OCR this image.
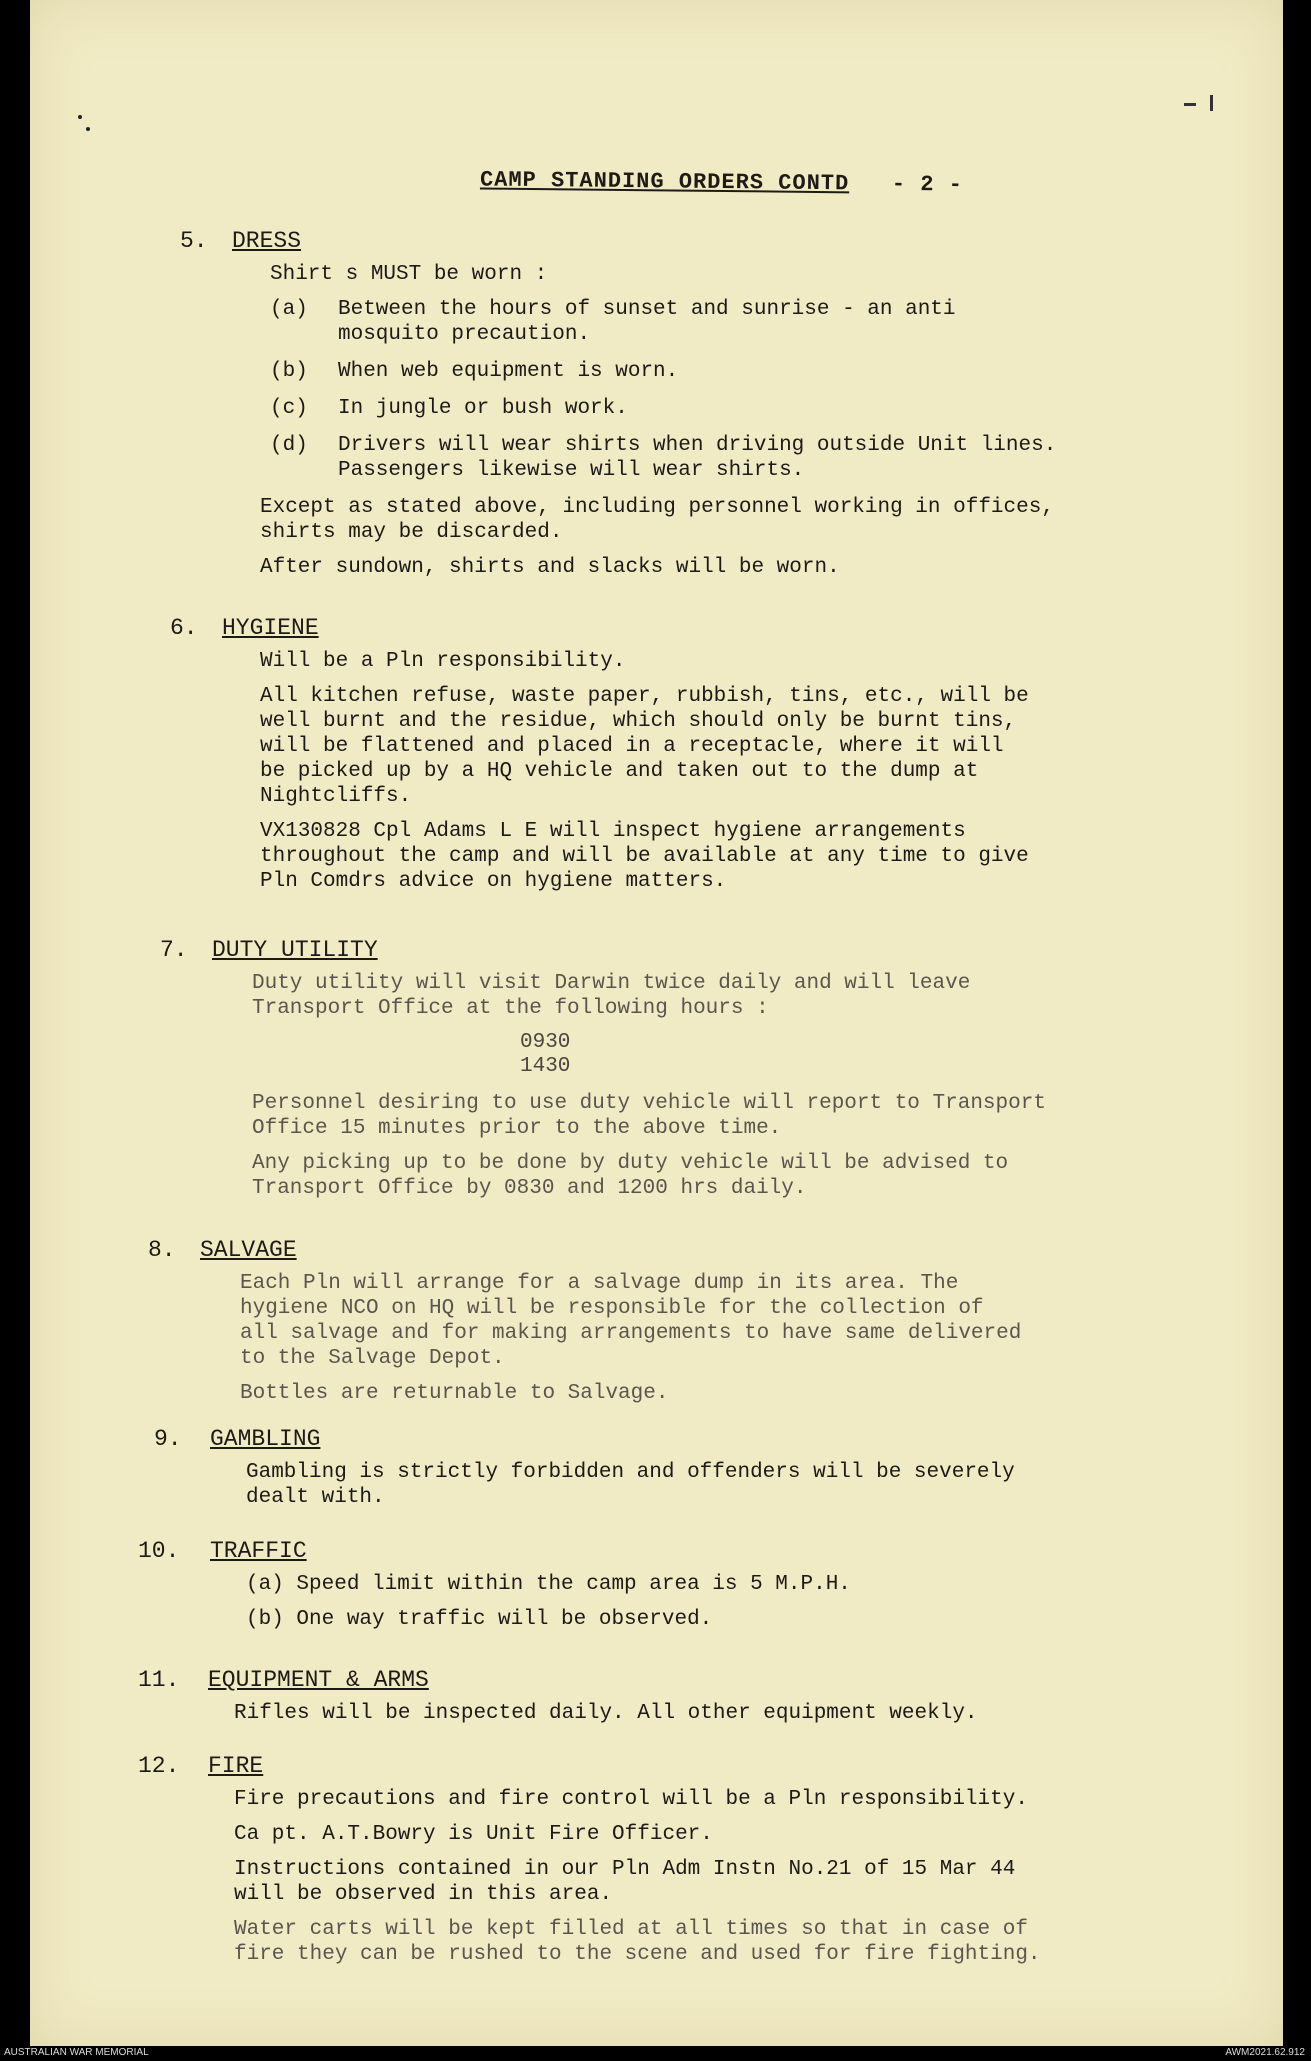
CAMP STANDING ORDERS CONTD - 2 -
5. DRESS
Shirt s MUST be worn :
(a) Between the hours of sunset and sunrise - an anti
mosquito precaution.
(b) When web equipment is worn.
(c) In jungle or bush work.
(d) Drivers will wear shirts when driving outside Unit lines.
Passengers likewise will wear shirts.
Except as stated above, including personnel working in offices,
shirts may be discarded.
After sundown, shirts and slacks will be worn.
6. HYGIENE
Will be a Pln responsibility.
All kitchen refuse, waste paper, rubbish, tins, etc., will be
well burnt and the residue, which should only be burnt tins,
will be flattened and placed in a receptacle, where it will
be picked up by a HQ vehicle and taken out to the dump at
Nightcliffs.
VX130828 Cpl Adams L E will inspect hygiene arrangements
throughout the camp and will be available at any time to give
Pln Comdrs advice on hygiene matters.
7. DUTY UTILITY
Duty utility will visit Darwin twice daily and will leave
Transport Office at the following hours :
0930
1430
Personnel desiring to use duty vehicle will report to Transport
Office 15 minutes prior to the above time.
Any picking up to be done by duty vehicle will be advised to
Transport Office by 0830 and 1200 hrs daily.
8. SALVAGE
Each Pln will arrange for a salvage dump in its area. The
hygiene NCO on HQ will be responsible for the collection of
all salvage and for making arrangements to have same delivered
to the Salvage Depot.
Bottles are returnable to Salvage.
9. GAMBLING
Gambling is strictly forbidden and offenders will be severely
dealt with.
10. TRAFFIC
(a) Speed limit within the camp area is 5 M.P.H.
(b) One way traffic will be observed.
11. EQUIPMENT & ARMS
Rifles will be inspected daily. All other equipment weekly.
12. FIRE
Fire precautions and fire control will be a Pln responsibility.
Ca pt. A.T.Bowry is Unit Fire Officer.
Instructions contained in our Pln Adm Instn No.21 of 15 Mar 44
will be observed in this area.
Water carts will be kept filled at all times so that in case of
fire they can be rushed to the scene and used for fire fighting.
AUSTRALIAN WAR MEMORIAL	AWM2021.62.912
